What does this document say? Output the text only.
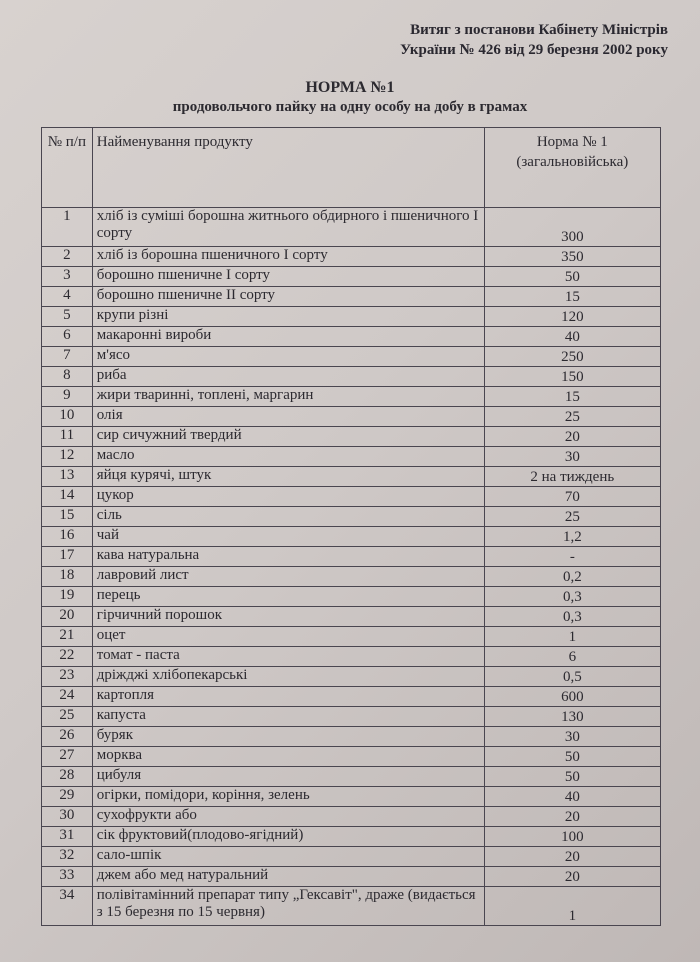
Витяг з постанови Кабінету Міністрів
України № 426 від 29 березня 2002 року
НОРМА №1
продовольчого пайку на одну особу на добу в грамах
№ п/п	Найменування продукту	Норма № 1 (загальновійська)
1	хліб із суміші борошна житнього обдирного і пшеничного I сорту	300
2	хліб із борошна пшеничного I сорту	350
3	борошно пшеничне I сорту	50
4	борошно пшеничне II сорту	15
5	крупи різні	120
6	макаронні вироби	40
7	м'ясо	250
8	риба	150
9	жири тваринні, топлені, маргарин	15
10	олія	25
11	сир сичужний твердий	20
12	масло	30
13	яйця курячі, штук	2 на тиждень
14	цукор	70
15	сіль	25
16	чай	1,2
17	кава натуральна	-
18	лавровий лист	0,2
19	перець	0,3
20	гірчичний порошок	0,3
21	оцет	1
22	томат - паста	6
23	дріжджі хлібопекарські	0,5
24	картопля	600
25	капуста	130
26	буряк	30
27	морква	50
28	цибуля	50
29	огірки, помідори, коріння, зелень	40
30	сухофрукти або	20
31	сік фруктовий(плодово-ягідний)	100
32	сало-шпік	20
33	джем або мед натуральний	20
34	полівітамінний препарат типу „Гексавіт", драже (видається з 15 березня по 15 червня)	1
